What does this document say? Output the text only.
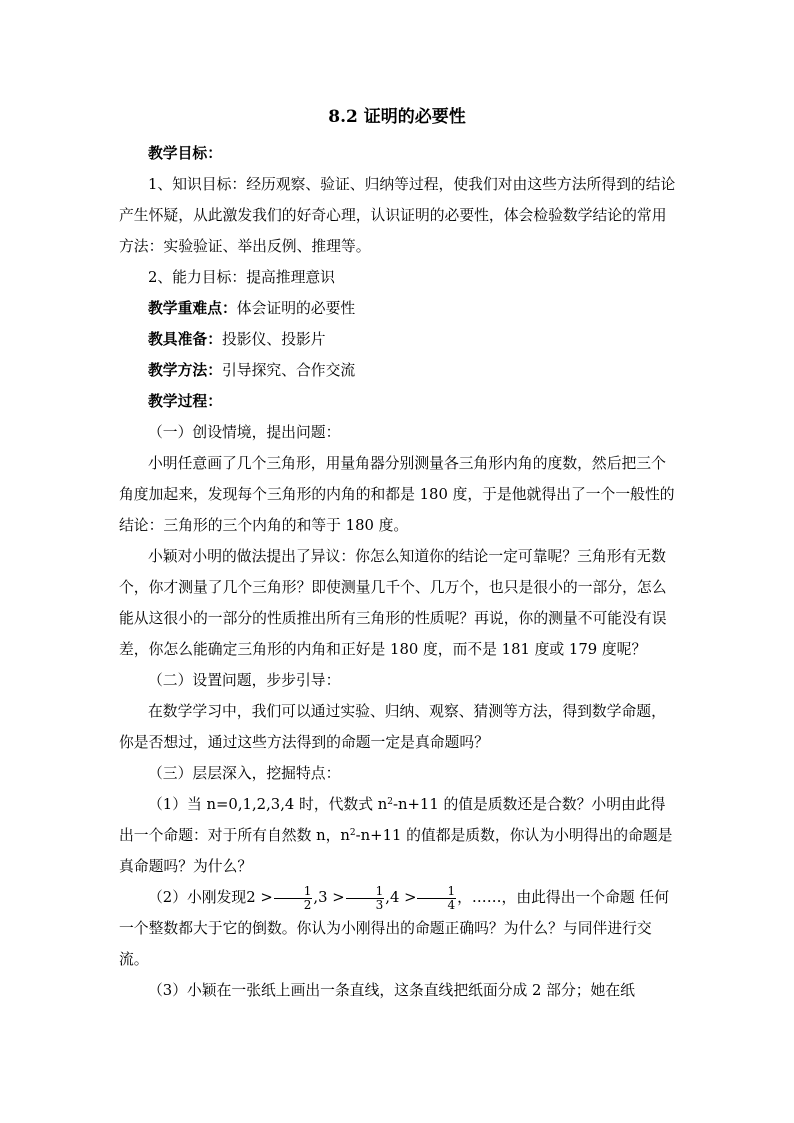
8.2 证明的必要性

教学目标：

1、知识目标：经历观察、验证、归纳等过程，使我们对由这些方法所得到的结论产生怀疑，从此激发我们的好奇心理，认识证明的必要性，体会检验数学结论的常用方法：实验验证、举出反例、推理等。

2、能力目标：提高推理意识

教学重难点：体会证明的必要性

教具准备：投影仪、投影片

教学方法：引导探究、合作交流

教学过程：

（一）创设情境，提出问题：

小明任意画了几个三角形，用量角器分别测量各三角形内角的度数，然后把三个角度加起来，发现每个三角形的内角的和都是 180 度，于是他就得出了一个一般性的结论：三角形的三个内角的和等于 180 度。

小颖对小明的做法提出了异议：你怎么知道你的结论一定可靠呢？三角形有无数个，你才测量了几个三角形？即使测量几千个、几万个，也只是很小的一部分，怎么能从这很小的一部分的性质推出所有三角形的性质呢？再说，你的测量不可能没有误差，你怎么能确定三角形的内角和正好是 180 度，而不是 181 度或 179 度呢？

（二）设置问题，步步引导：

在数学学习中，我们可以通过实验、归纳、观察、猜测等方法，得到数学命题，你是否想过，通过这些方法得到的命题一定是真命题吗？

（三）层层深入，挖掘特点：

（1）当 n=0,1,2,3,4 时，代数式 $n^2-n+11$ 的值是质数还是合数？小明由此得出一个命题：对于所有自然数 n，$n^2-n+11$ 的值都是质数，你认为小明得出的命题是真命题吗？为什么？

（2）小刚发现$2 > \frac{1}{2} ,3 > \frac{1}{3} ,4 > \frac{1}{4}$ ，……，由此得出一个命题 任何一个整数都大于它的倒数。你认为小刚得出的命题正确吗？为什么？与同伴进行交流。

（3）小颖在一张纸上画出一条直线，这条直线把纸面分成 2 部分；她在纸
